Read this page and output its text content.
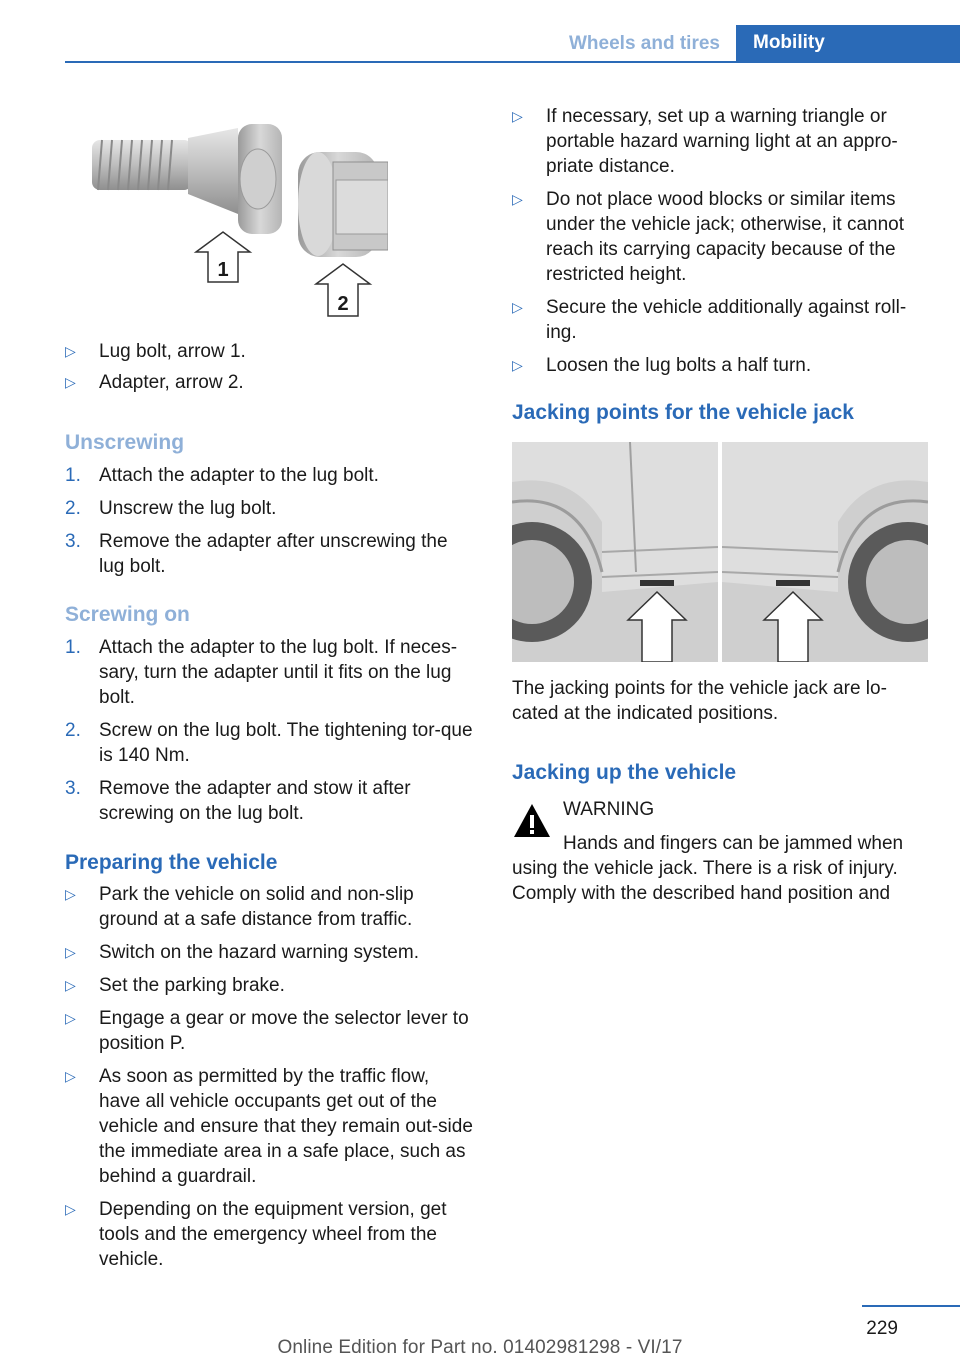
Wheels and tires	Mobility
1
2
▷	Lug bolt, arrow 1.
▷	Adapter, arrow 2.
Unscrewing
1. Attach the adapter to the lug bolt.
2. Unscrew the lug bolt.
3. Remove the adapter after unscrewing the lug bolt.
Screwing on
1. Attach the adapter to the lug bolt. If neces-sary, turn the adapter until it fits on the lug bolt.
2. Screw on the lug bolt. The tightening tor-que is 140 Nm.
3. Remove the adapter and stow it after screwing on the lug bolt.
Preparing the vehicle
▷	Park the vehicle on solid and non-slip ground at a safe distance from traffic.
▷	Switch on the hazard warning system.
▷	Set the parking brake.
▷	Engage a gear or move the selector lever to position P.
▷	As soon as permitted by the traffic flow, have all vehicle occupants get out of the vehicle and ensure that they remain out-side the immediate area in a safe place, such as behind a guardrail.
▷	Depending on the equipment version, get tools and the emergency wheel from the vehicle.
▷	If necessary, set up a warning triangle or portable hazard warning light at an appro-priate distance.
▷	Do not place wood blocks or similar items under the vehicle jack; otherwise, it cannot reach its carrying capacity because of the restricted height.
▷	Secure the vehicle additionally against roll-ing.
▷	Loosen the lug bolts a half turn.
Jacking points for the vehicle jack
The jacking points for the vehicle jack are lo-cated at the indicated positions.
Jacking up the vehicle
WARNING
Hands and fingers can be jammed when
using the vehicle jack. There is a risk of injury.
Comply with the described hand position and
229
Online Edition for Part no. 01402981298 - VI/17
